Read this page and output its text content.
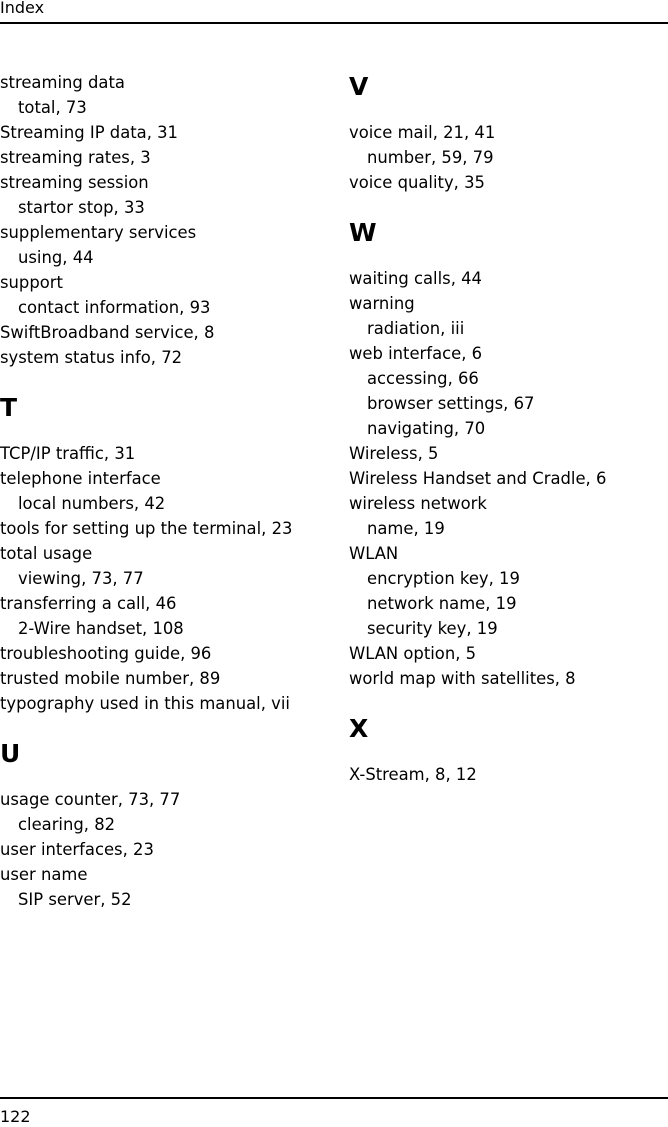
Index
streaming data
total, 73
Streaming IP data, 31
streaming rates, 3
streaming session
startor stop, 33
supplementary services
using, 44
support
contact information, 93
SwiftBroadband service, 8
system status info, 72
T
TCP/IP traffic, 31
telephone interface
local numbers, 42
tools for setting up the terminal, 23
total usage
viewing, 73, 77
transferring a call, 46
2-Wire handset, 108
troubleshooting guide, 96
trusted mobile number, 89
typography used in this manual, vii
U
usage counter, 73, 77
clearing, 82
user interfaces, 23
user name
SIP server, 52
V
voice mail, 21, 41
number, 59, 79
voice quality, 35
W
waiting calls, 44
warning
radiation, iii
web interface, 6
accessing, 66
browser settings, 67
navigating, 70
Wireless, 5
Wireless Handset and Cradle, 6
wireless network
name, 19
WLAN
encryption key, 19
network name, 19
security key, 19
WLAN option, 5
world map with satellites, 8
X
X-Stream, 8, 12
122
